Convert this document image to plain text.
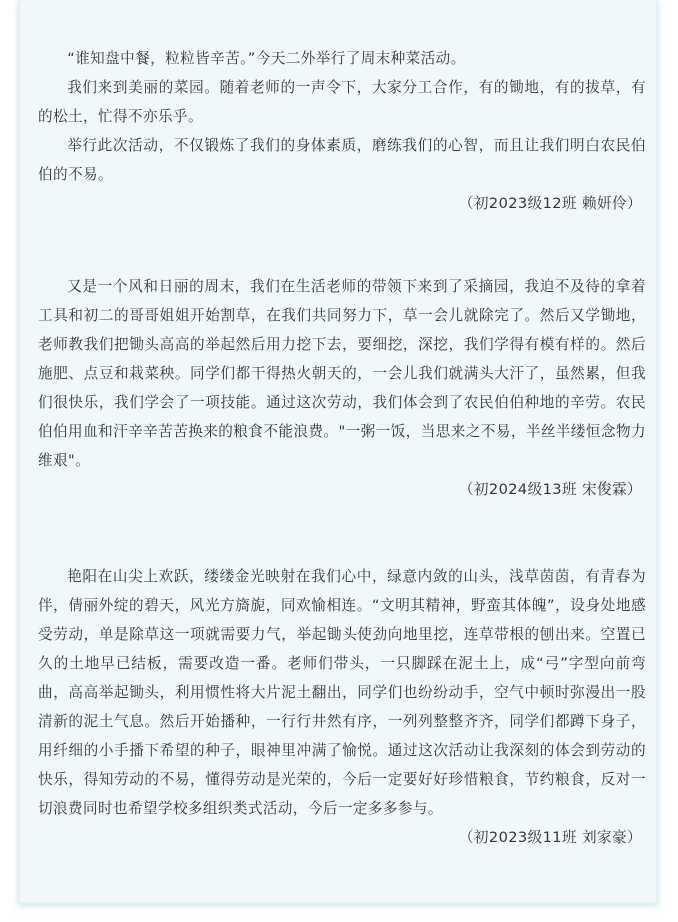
“谁知盘中餐，粒粒皆辛苦。”今天二外举行了周末种菜活动。

我们来到美丽的菜园。随着老师的一声令下，大家分工合作，有的锄地，有的拔草，有的松土，忙得不亦乐乎。

举行此次活动，不仅锻炼了我们的身体素质，磨练我们的心智，而且让我们明白农民伯伯的不易。

（初2023级12班 赖妍伶）

又是一个风和日丽的周末，我们在生活老师的带领下来到了采摘园，我迫不及待的拿着工具和初二的哥哥姐姐开始割草，在我们共同努力下，草一会儿就除完了。然后又学锄地，老师教我们把锄头高高的举起然后用力挖下去，要细挖，深挖，我们学得有模有样的。然后施肥、点豆和栽菜秧。同学们都干得热火朝天的，一会儿我们就满头大汗了，虽然累，但我们很快乐，我们学会了一项技能。通过这次劳动，我们体会到了农民伯伯种地的辛劳。农民伯伯用血和汗辛辛苦苦换来的粮食不能浪费。"一粥一饭，当思来之不易，半丝半缕恒念物力维艰"。

（初2024级13班 宋俊霖）

艳阳在山尖上欢跃，缕缕金光映射在我们心中，绿意内敛的山头，浅草茵茵，有青春为伴，倩丽外绽的碧天，风光方旖旎，同欢愉相连。“文明其精神，野蛮其体魄”，设身处地感受劳动，单是除草这一项就需要力气，举起锄头使劲向地里挖，连草带根的刨出来。空置已久的土地早已结板，需要改造一番。老师们带头，一只脚踩在泥土上，成“弓”字型向前弯曲，高高举起锄头，利用惯性将大片泥土翻出，同学们也纷纷动手，空气中顿时弥漫出一股清新的泥土气息。然后开始播种，一行行井然有序，一列列整整齐齐，同学们都蹲下身子，用纤细的小手播下希望的种子，眼神里冲满了愉悦。通过这次活动让我深刻的体会到劳动的快乐，得知劳动的不易，懂得劳动是光荣的，今后一定要好好珍惜粮食，节约粮食，反对一切浪费同时也希望学校多组织类式活动，今后一定多多参与。

（初2023级11班 刘家豪）
